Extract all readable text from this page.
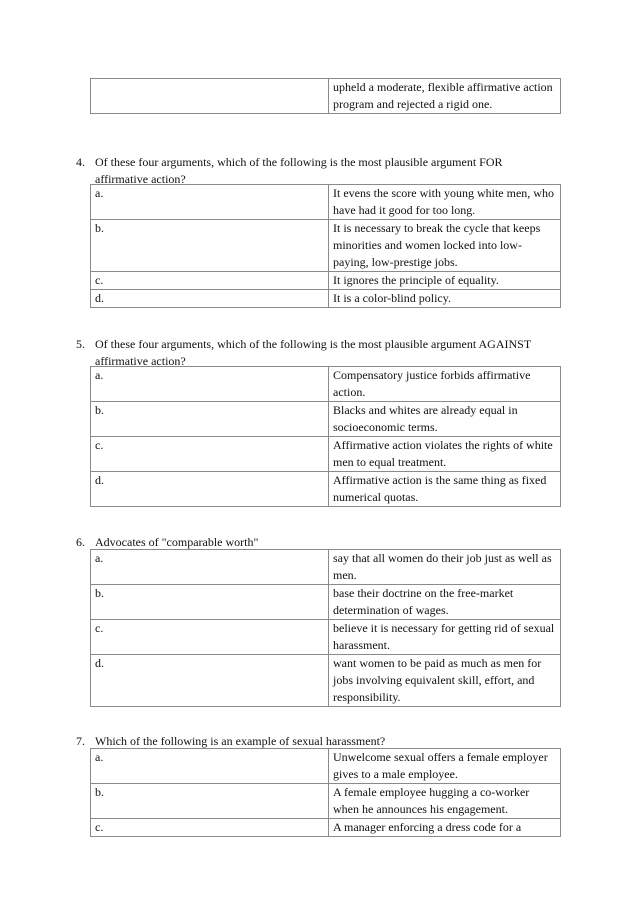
	upheld a moderate, flexible affirmative action program and rejected a rigid one.
4. Of these four arguments, which of the following is the most plausible argument FOR affirmative action?
a.	It evens the score with young white men, who have had it good for too long.
b.	It is necessary to break the cycle that keeps minorities and women locked into low-paying, low-prestige jobs.
c.	It ignores the principle of equality.
d.	It is a color-blind policy.
5. Of these four arguments, which of the following is the most plausible argument AGAINST affirmative action?
a.	Compensatory justice forbids affirmative action.
b.	Blacks and whites are already equal in socioeconomic terms.
c.	Affirmative action violates the rights of white men to equal treatment.
d.	Affirmative action is the same thing as fixed numerical quotas.
6. Advocates of "comparable worth"
a.	say that all women do their job just as well as men.
b.	base their doctrine on the free-market determination of wages.
c.	believe it is necessary for getting rid of sexual harassment.
d.	want women to be paid as much as men for jobs involving equivalent skill, effort, and responsibility.
7. Which of the following is an example of sexual harassment?
a.	Unwelcome sexual offers a female employer gives to a male employee.
b.	A female employee hugging a co-worker when he announces his engagement.
c.	A manager enforcing a dress code for a
